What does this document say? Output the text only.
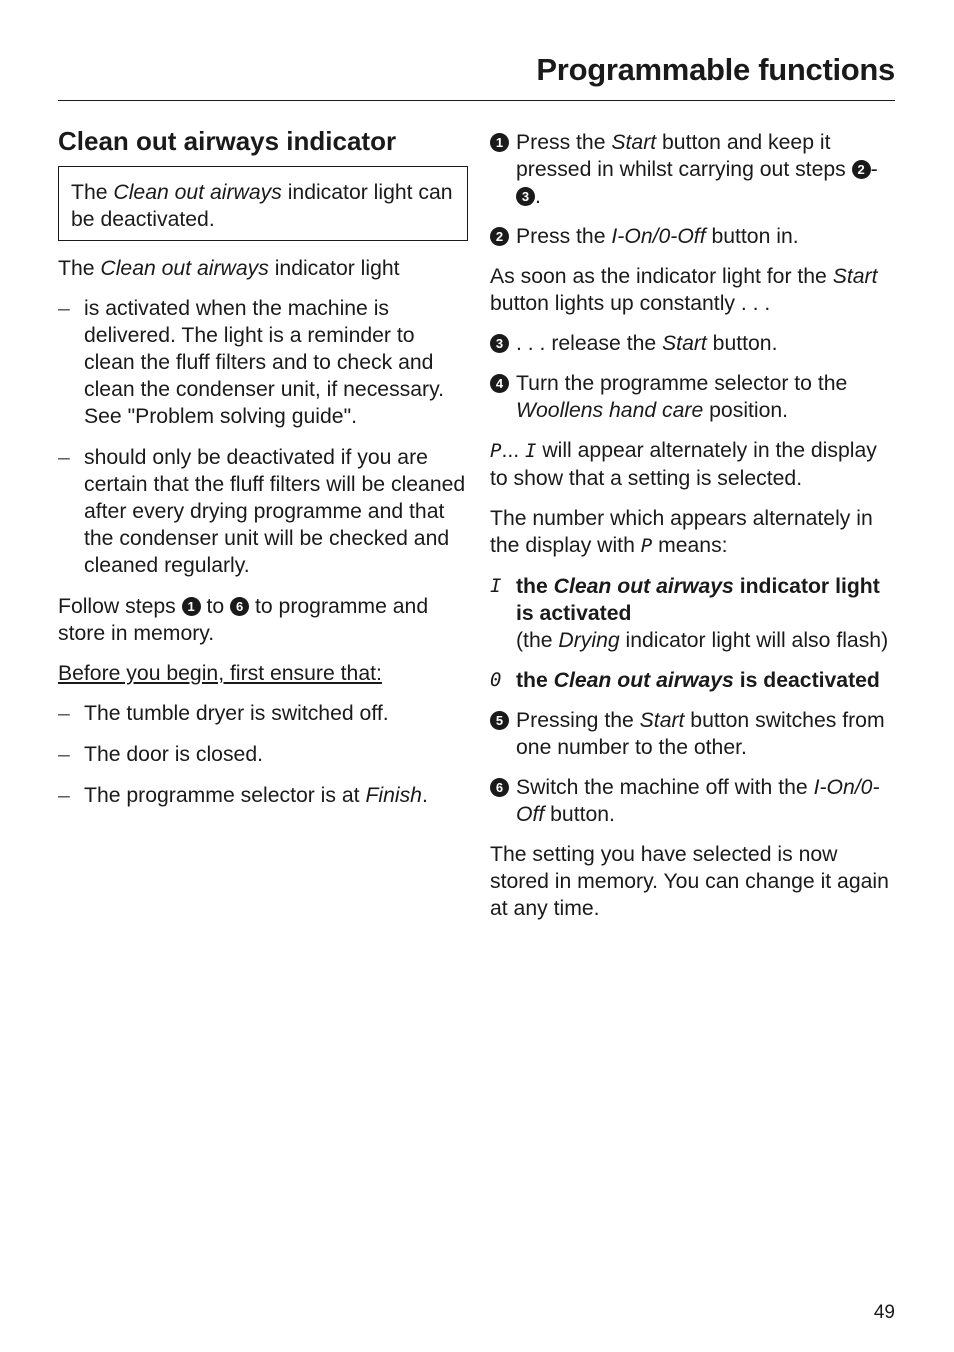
Programmable functions
Clean out airways indicator
The Clean out airways indicator light can be deactivated.

The Clean out airways indicator light

– is activated when the machine is delivered. The light is a reminder to clean the fluff filters and to check and clean the condenser unit, if necessary. See "Problem solving guide".
– should only be deactivated if you are certain that the fluff filters will be cleaned after every drying programme and that the condenser unit will be checked and cleaned regularly.

Follow steps 1 to 6 to programme and store in memory.

Before you begin, first ensure that:

– The tumble dryer is switched off.
– The door is closed.
– The programme selector is at Finish.
1 Press the Start button and keep it pressed in whilst carrying out steps 2 -3 .
2 Press the I-On/0-Off button in.

As soon as the indicator light for the Start button lights up constantly . . .

3 . . . release the Start button.
4 Turn the programme selector to the Woollens hand care position.

P... I will appear alternately in the display to show that a setting is selected.

The number which appears alternately in the display with P means:

I the Clean out airways indicator light is activated
(the Drying indicator light will also flash)
0 the Clean out airways is deactivated
5 Pressing the Start button switches from one number to the other.
6 Switch the machine off with the I-On/0-Off button.

The setting you have selected is now stored in memory. You can change it again at any time.

49
